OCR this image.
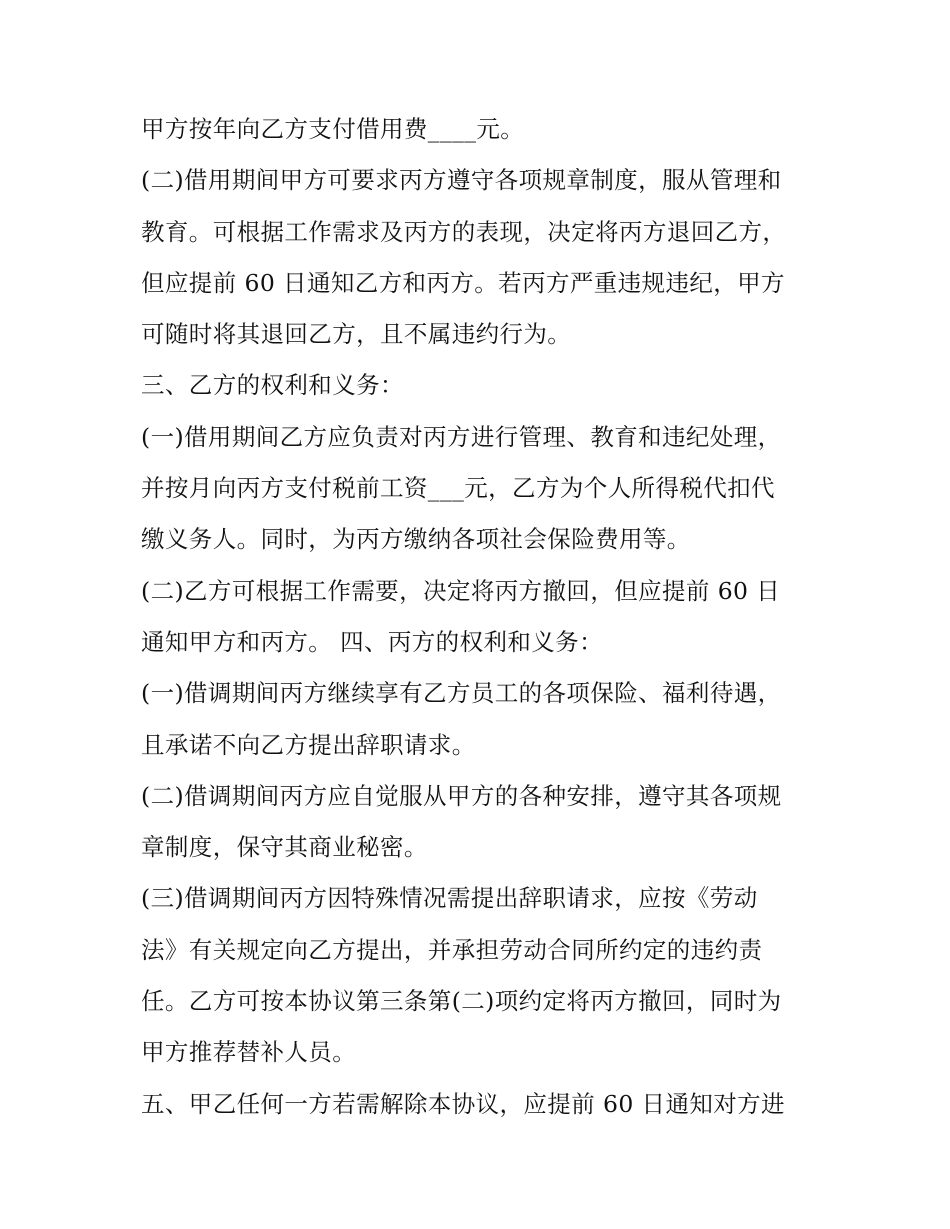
甲方按年向乙方支付借用费____元。
(二)借用期间甲方可要求丙方遵守各项规章制度，服从管理和
教育。可根据工作需求及丙方的表现，决定将丙方退回乙方，
但应提前 60 日通知乙方和丙方。若丙方严重违规违纪，甲方
可随时将其退回乙方，且不属违约行为。
三、乙方的权利和义务：
(一)借用期间乙方应负责对丙方进行管理、教育和违纪处理，
并按月向丙方支付税前工资___元，乙方为个人所得税代扣代
缴义务人。同时，为丙方缴纳各项社会保险费用等。
(二)乙方可根据工作需要，决定将丙方撤回，但应提前 60 日
通知甲方和丙方。 四、丙方的权利和义务：
(一)借调期间丙方继续享有乙方员工的各项保险、福利待遇，
且承诺不向乙方提出辞职请求。
(二)借调期间丙方应自觉服从甲方的各种安排，遵守其各项规
章制度，保守其商业秘密。
(三)借调期间丙方因特殊情况需提出辞职请求，应按《劳动
法》有关规定向乙方提出，并承担劳动合同所约定的违约责
任。乙方可按本协议第三条第(二)项约定将丙方撤回，同时为
甲方推荐替补人员。
五、甲乙任何一方若需解除本协议，应提前 60 日通知对方进
